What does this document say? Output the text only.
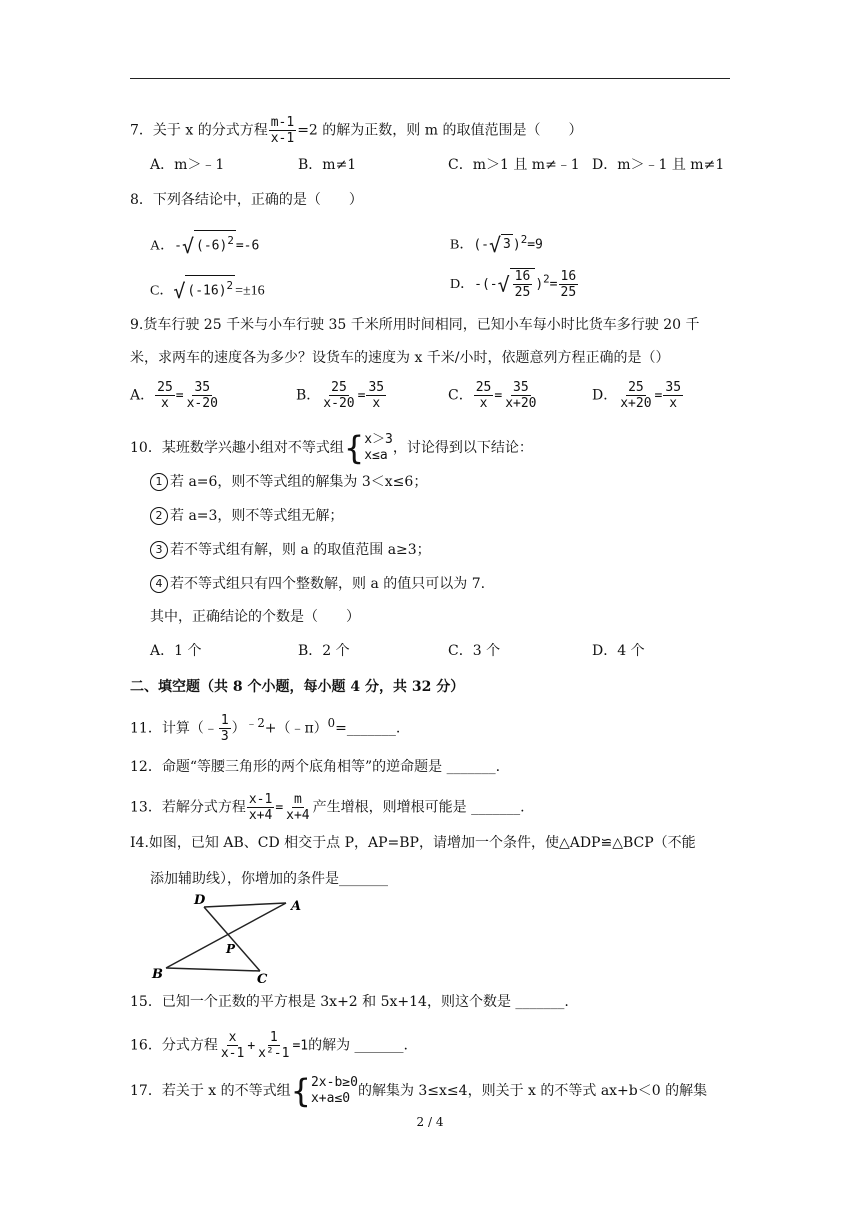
7．关于 x 的分式方程 $\frac{m-1}{x-1} =2$ 的解为正数，则 m 的取值范围是（　　）
A．m＞﹣1	B．m≠1	C．m＞1 且 m≠﹣1 D．m＞﹣1 且 m≠1
8．下列各结论中，正确的是（　　）
A．-√ $(-6)^2 =-6$	B．(-√ 3 )$^2$=9
C．√ $(-16)^2 =\pm 16$	D．-(-√ $\frac{16}{25} )^2= \frac{16}{25}$
9.货车行驶 25 千米与小车行驶 35 千米所用时间相同，已知小车每小时比货车多行驶 20 千
米，求两车的速度各为多少？设货车的速度为 x 千米/小时，依题意列方程正确的是（）
A． $\frac{25}{x} = \frac{35}{x-20}$	B． $\frac{25}{x-20} = \frac{35}{x}$	C． $\frac{25}{x} = \frac{35}{x+20}$	D． $\frac{25}{x+20} = \frac{35}{x}$
10．某班数学兴趣小组对不等式组 { x＞3
x≤a ，讨论得到以下结论：
1 若 a=6，则不等式组的解集为 3＜x≤6；
2 若 a=3，则不等式组无解；
3 若不等式组有解，则 a 的取值范围 a≥3；
4 若不等式组只有四个整数解，则 a 的值只可以为 7.
其中，正确结论的个数是（　　）
A．1 个	B．2 个	C．3 个	D．4 个
二、填空题（共 8 个小题，每小题 4 分，共 32 分）
11．计算（﹣ $\frac{1}{3}$ ）$^{﹣2}$+（﹣π）$^0$=_______.
12．命题“等腰三角形的两个底角相等”的逆命题是 _______.
13．若解分式方程 $\frac{x-1}{x+4} = \frac{m}{x+4}$ 产生增根，则增根可能是 _______.
I4.如图，已知 AB、CD 相交于点 P，AP=BP，请增加一个条件，使△ADP≌△BCP（不能
添加辅助线），你增加的条件是_______
D	A
P
B	C
15．已知一个正数的平方根是 3x+2 和 5x+14，则这个数是 _______.
16．分式方程 $\frac{x}{x-1} + \frac{1}{\text{x²-1}} =1$的解为 _______.
17．若关于 x 的不等式组 { 2x-b≥0
x+a≤0 的解集为 3≤x≤4，则关于 x 的不等式 ax+b＜0 的解集
2 / 4
